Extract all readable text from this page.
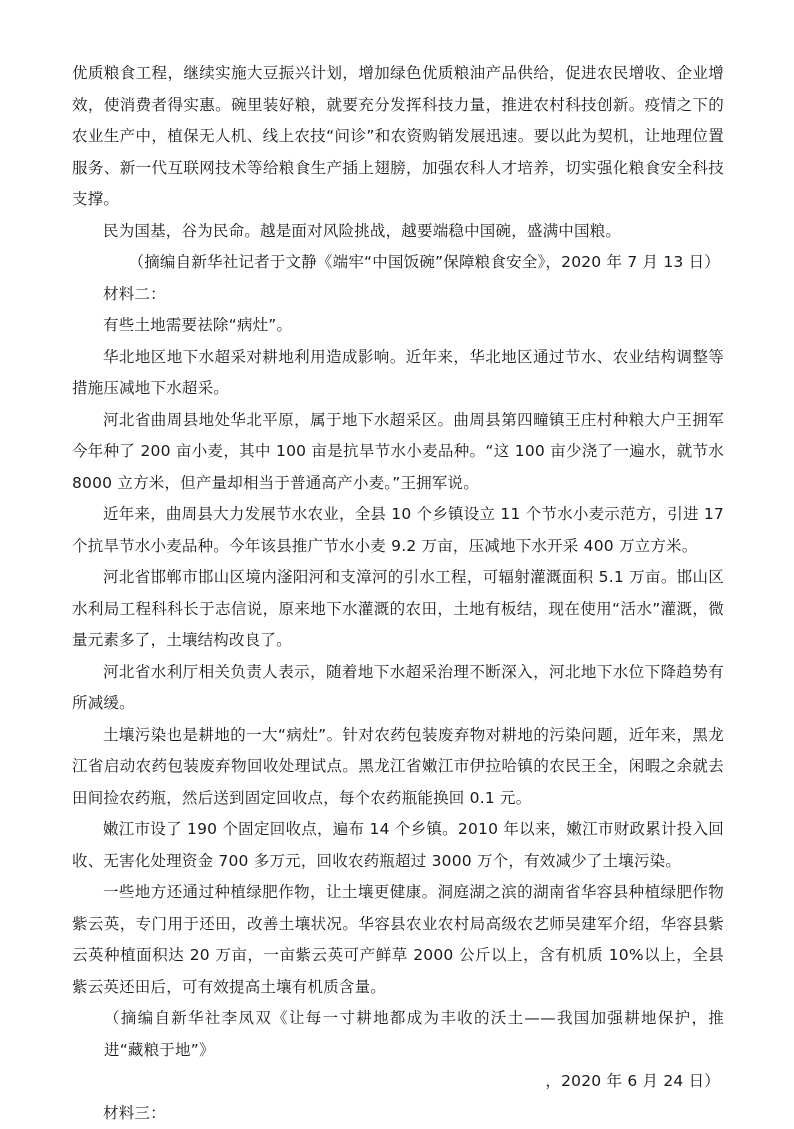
优质粮食工程，继续实施大豆振兴计划，增加绿色优质粮油产品供给，促进农民增收、企业增效，使消费者得实惠。碗里装好粮，就要充分发挥科技力量，推进农村科技创新。疫情之下的农业生产中，植保无人机、线上农技“问诊”和农资购销发展迅速。要以此为契机，让地理位置服务、新一代互联网技术等给粮食生产插上翅膀，加强农科人才培养，切实强化粮食安全科技支撑。

民为国基，谷为民命。越是面对风险挑战，越要端稳中国碗，盛满中国粮。

（摘编自新华社记者于文静《端牢“中国饭碗”保障粮食安全》，2020 年 7 月 13 日）

材料二：

有些土地需要祛除“病灶”。

华北地区地下水超采对耕地利用造成影响。近年来，华北地区通过节水、农业结构调整等措施压减地下水超采。

河北省曲周县地处华北平原，属于地下水超采区。曲周县第四疃镇王庄村种粮大户王拥军今年种了 200 亩小麦，其中 100 亩是抗旱节水小麦品种。“这 100 亩少浇了一遍水，就节水 8000 立方米，但产量却相当于普通高产小麦。”王拥军说。

近年来，曲周县大力发展节水农业，全县 10 个乡镇设立 11 个节水小麦示范方，引进 17 个抗旱节水小麦品种。今年该县推广节水小麦 9.2 万亩，压减地下水开采 400 万立方米。

河北省邯郸市邯山区境内滏阳河和支漳河的引水工程，可辐射灌溉面积 5.1 万亩。邯山区水利局工程科科长于志信说，原来地下水灌溉的农田，土地有板结，现在使用“活水”灌溉，微量元素多了，土壤结构改良了。

河北省水利厅相关负责人表示，随着地下水超采治理不断深入，河北地下水位下降趋势有所减缓。

土壤污染也是耕地的一大“病灶”。针对农药包装废弃物对耕地的污染问题，近年来，黑龙江省启动农药包装废弃物回收处理试点。黑龙江省嫩江市伊拉哈镇的农民王全，闲暇之余就去田间捡农药瓶，然后送到固定回收点，每个农药瓶能换回 0.1 元。

嫩江市设了 190 个固定回收点，遍布 14 个乡镇。2010 年以来，嫩江市财政累计投入回收、无害化处理资金 700 多万元，回收农药瓶超过 3000 万个，有效减少了土壤污染。

一些地方还通过种植绿肥作物，让土壤更健康。洞庭湖之滨的湖南省华容县种植绿肥作物紫云英，专门用于还田，改善土壤状况。华容县农业农村局高级农艺师吴建军介绍，华容县紫云英种植面积达 20 万亩，一亩紫云英可产鲜草 2000 公斤以上，含有机质 10%以上，全县紫云英还田后，可有效提高土壤有机质含量。

（摘编自新华社李凤双《让每一寸耕地都成为丰收的沃土——我国加强耕地保护，推进“藏粮于地”》

，2020 年 6 月 24 日）

材料三：
